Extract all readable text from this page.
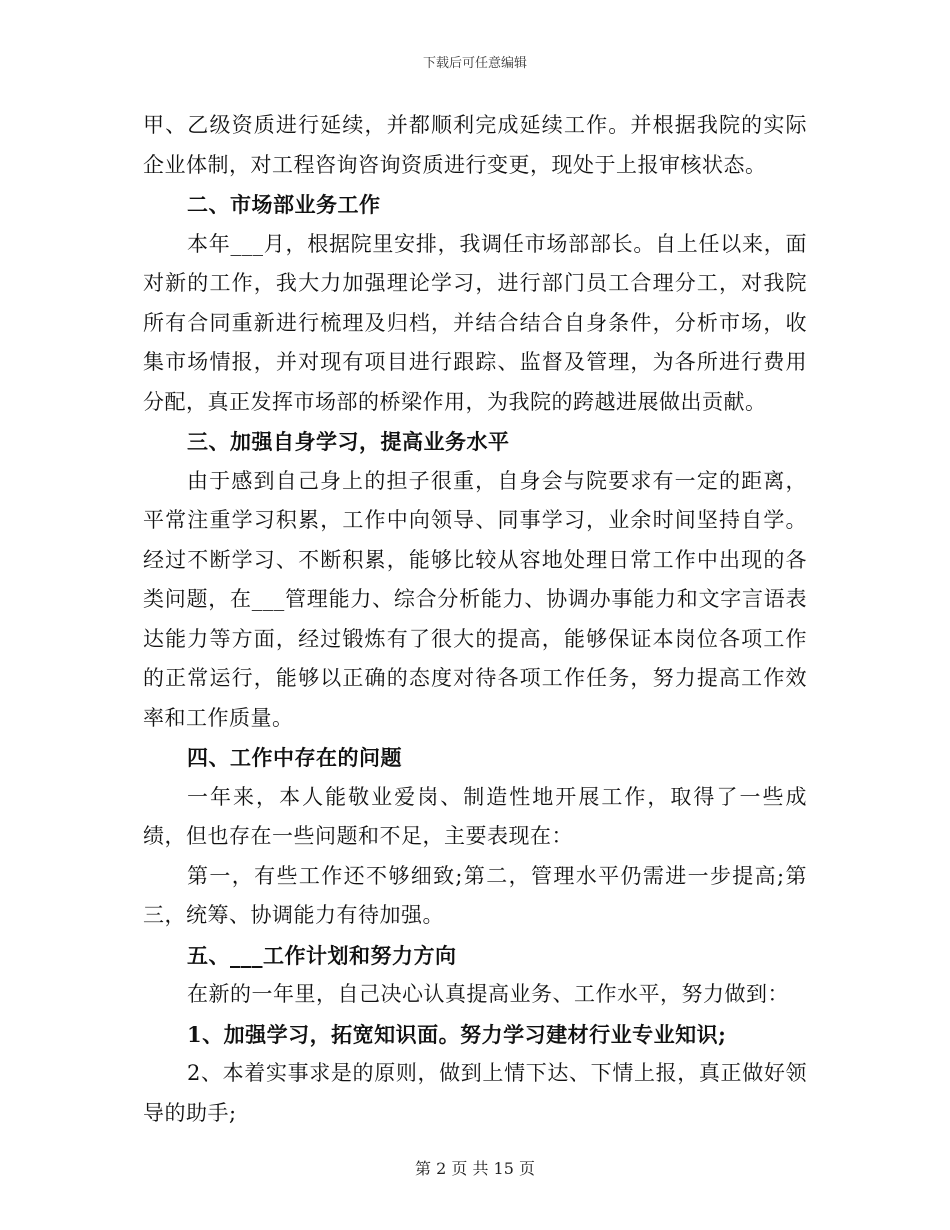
下载后可任意编辑

甲、乙级资质进行延续，并都顺利完成延续工作。并根据我院的实际企业体制，对工程咨询咨询资质进行变更，现处于上报审核状态。

二、市场部业务工作

本年___月，根据院里安排，我调任市场部部长。自上任以来，面对新的工作，我大力加强理论学习，进行部门员工合理分工，对我院所有合同重新进行梳理及归档，并结合结合自身条件，分析市场，收集市场情报，并对现有项目进行跟踪、监督及管理，为各所进行费用分配，真正发挥市场部的桥梁作用，为我院的跨越进展做出贡献。

三、加强自身学习，提高业务水平

由于感到自己身上的担子很重，自身会与院要求有一定的距离，平常注重学习积累，工作中向领导、同事学习，业余时间坚持自学。经过不断学习、不断积累，能够比较从容地处理日常工作中出现的各类问题，在___管理能力、综合分析能力、协调办事能力和文字言语表达能力等方面，经过锻炼有了很大的提高，能够保证本岗位各项工作的正常运行，能够以正确的态度对待各项工作任务，努力提高工作效率和工作质量。

四、工作中存在的问题

一年来，本人能敬业爱岗、制造性地开展工作，取得了一些成绩，但也存在一些问题和不足，主要表现在：

第一，有些工作还不够细致;第二，管理水平仍需进一步提高;第三，统筹、协调能力有待加强。

五、___工作计划和努力方向

在新的一年里，自己决心认真提高业务、工作水平，努力做到：

1、加强学习，拓宽知识面。努力学习建材行业专业知识;

2、本着实事求是的原则，做到上情下达、下情上报，真正做好领导的助手;

第 2 页 共 15 页
